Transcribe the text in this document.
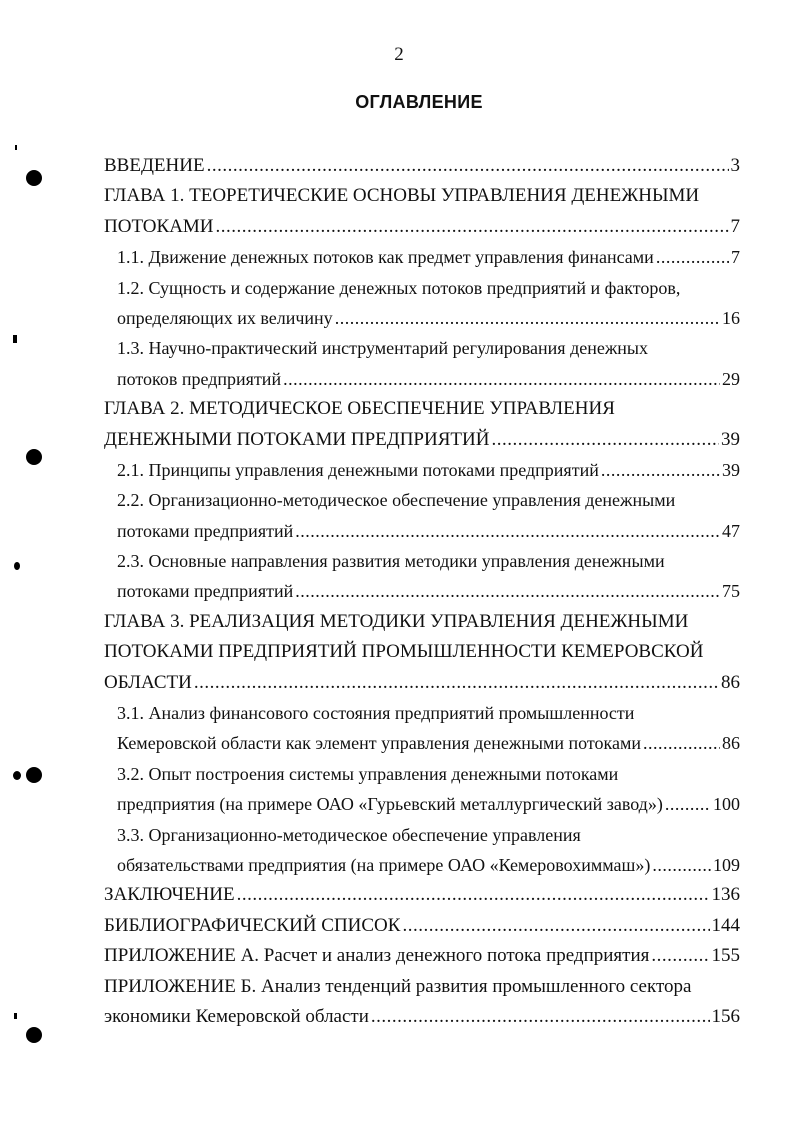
2
ОГЛАВЛЕНИЕ
ВВЕДЕНИЕ .....	3
ГЛАВА 1. ТЕОРЕТИЧЕСКИЕ ОСНОВЫ УПРАВЛЕНИЯ ДЕНЕЖНЫМИ
ПОТОКАМИ .....	7
1.1. Движение денежных потоков как предмет управления финансами .....	7
1.2. Сущность и содержание денежных потоков предприятий и факторов,
определяющих их величину .....	16
1.3. Научно-практический инструментарий регулирования денежных
потоков предприятий .....	29
ГЛАВА 2. МЕТОДИЧЕСКОЕ ОБЕСПЕЧЕНИЕ УПРАВЛЕНИЯ
ДЕНЕЖНЫМИ ПОТОКАМИ ПРЕДПРИЯТИЙ .....	39
2.1. Принципы управления денежными потоками предприятий .....	39
2.2. Организационно-методическое обеспечение управления денежными
потоками предприятий .....	47
2.3. Основные направления развития методики управления денежными
потоками предприятий .....	75
ГЛАВА 3. РЕАЛИЗАЦИЯ МЕТОДИКИ УПРАВЛЕНИЯ ДЕНЕЖНЫМИ
ПОТОКАМИ ПРЕДПРИЯТИЙ ПРОМЫШЛЕННОСТИ КЕМЕРОВСКОЙ
ОБЛАСТИ .....	86
3.1. Анализ финансового состояния предприятий промышленности
Кемеровской области как элемент управления денежными потоками .....	86
3.2. Опыт построения системы управления денежными потоками
предприятия (на примере ОАО «Гурьевский металлургический завод») .....	100
3.3. Организационно-методическое обеспечение управления
обязательствами предприятия (на примере ОАО «Кемеровохиммаш») .....	109
ЗАКЛЮЧЕНИЕ .....	136
БИБЛИОГРАФИЧЕСКИЙ СПИСОК .....	144
ПРИЛОЖЕНИЕ А. Расчет и анализ денежного потока предприятия .....	155
ПРИЛОЖЕНИЕ Б. Анализ тенденций развития промышленного сектора
экономики Кемеровской области .....	156
